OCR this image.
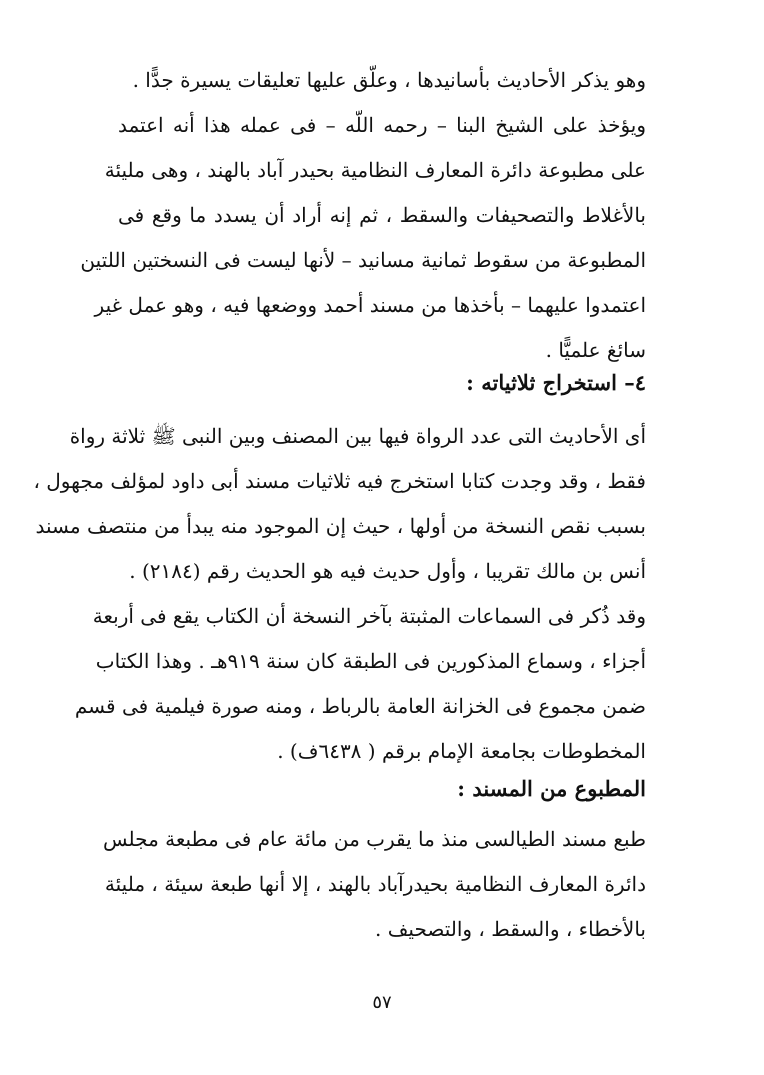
وهو يذكر الأحاديث بأسانيدها ، وعلّق عليها تعليقات يسيرة جدًّا .
ويؤخذ على الشيخ البنا – رحمه اللّه – فى عمله هذا أنه اعتمد
على مطبوعة دائرة المعارف النظامية بحيدر آباد بالهند ، وهى مليئة
بالأغلاط والتصحيفات والسقط ، ثم إنه أراد أن يسدد ما وقع فى
المطبوعة من سقوط ثمانية مسانيد – لأنها ليست فى النسختين اللتين
اعتمدوا عليهما – بأخذها من مسند أحمد ووضعها فيه ، وهو عمل غير
سائغ علميًّا .
٤– استخراج ثلاثياته :
أى الأحاديث التى عدد الرواة فيها بين المصنف وبين النبى ﷺ ثلاثة رواة
فقط ، وقد وجدت كتابا استخرج فيه ثلاثيات مسند أبى داود لمؤلف مجهول ،
بسبب نقص النسخة من أولها ، حيث إن الموجود منه يبدأ من منتصف مسند
أنس بن مالك تقريبا ، وأول حديث فيه هو الحديث رقم (٢١٨٤) .
وقد ذُكر فى السماعات المثبتة بآخر النسخة أن الكتاب يقع فى أربعة
أجزاء ، وسماع المذكورين فى الطبقة كان سنة ٩١٩هـ . وهذا الكتاب
ضمن مجموع فى الخزانة العامة بالرباط ، ومنه صورة فيلمية فى قسم
المخطوطات بجامعة الإمام برقم ( ٦٤٣٨ف) .
المطبوع من المسند :
طبع مسند الطيالسى منذ ما يقرب من مائة عام فى مطبعة مجلس
دائرة المعارف النظامية بحيدرآباد بالهند ، إلا أنها طبعة سيئة ، مليئة
بالأخطاء ، والسقط ، والتصحيف .
٥٧
